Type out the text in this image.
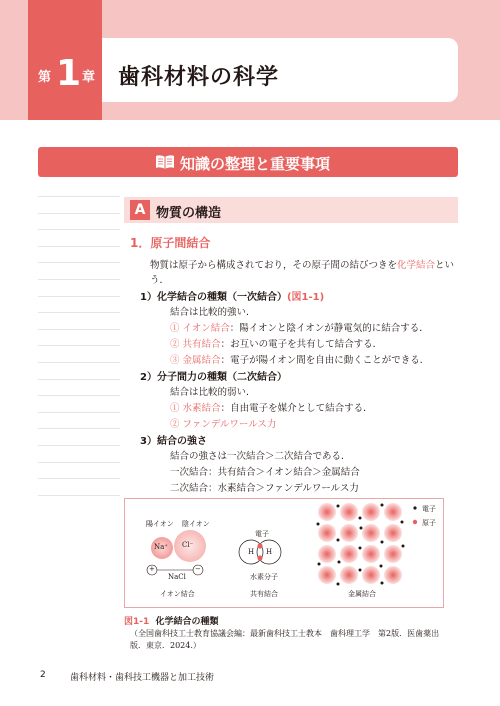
第 1 章 歯科材料の科学
知識の整理と重要事項
A 物質の構造
1．原子間結合
物質は原子から構成されており，その原子間の結びつきを化学結合とい
う．
1）化学結合の種類（一次結合）(図1-1)
結合は比較的強い．
① イオン結合：陽イオンと陰イオンが静電気的に結合する．
② 共有結合：お互いの電子を共有して結合する．
③ 金属結合：電子が陽イオン間を自由に動くことができる．
2）分子間力の種類（二次結合）
結合は比較的弱い．
① 水素結合：自由電子を媒介として結合する．
② ファンデルワールス力
3）結合の強さ
結合の強さは一次結合＞二次結合である．
一次結合：共有結合＞イオン結合＞金属結合
二次結合：水素結合＞ファンデルワールス力
陽イオン 陰イオン
Na⁺ Cl⁻
+	−
NaCl
イオン結合
電子
H H
水素分子
共有結合
電子
原子
金属結合
図1-1 化学結合の種類
（全国歯科技工士教育協議会編：最新歯科技工士教本　歯科理工学　第2版．医歯薬出版．東京．2024.）
2	歯科材料・歯科技工機器と加工技術
